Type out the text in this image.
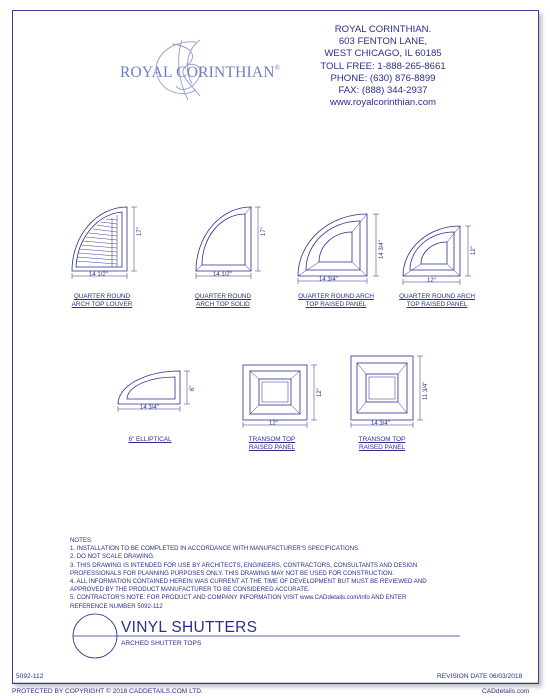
ROYAL CORINTHIAN®
ROYAL CORINTHIAN.
603 FENTON LANE,
WEST CHICAGO, IL 60185
TOLL FREE: 1-888-265-8661
PHONE: (630) 876-8899
FAX: (888) 344-2937
www.royalcorinthian.com
14 1/2"
17"
14 1/2"
17"
14 3/4"
14 3/4"
12"
12"
14 3/4"
6"
12"
12"
14 3/4"
11 3/4"
QUARTER ROUND
ARCH TOP LOUVER
QUARTER ROUND
ARCH TOP SOLID
QUARTER ROUND ARCH
TOP RAISED PANEL
QUARTER ROUND ARCH
TOP RAISED PANEL
6" ELLIPTICAL	TRANSOM TOP
RAISED PANEL
TRANSOM TOP
RAISED PANEL
NOTES:
1. INSTALLATION TO BE COMPLETED IN ACCORDANCE WITH MANUFACTURER'S SPECIFICATIONS.
2. DO NOT SCALE DRAWING.
3. THIS DRAWING IS INTENDED FOR USE BY ARCHITECTS, ENGINEERS, CONTRACTORS, CONSULTANTS AND DESIGN
PROFESSIONALS FOR PLANNING PURPOSES ONLY. THIS DRAWING MAY NOT BE USED FOR CONSTRUCTION.
4. ALL INFORMATION CONTAINED HEREIN WAS CURRENT AT THE TIME OF DEVELOPMENT BUT MUST BE REVIEWED AND
APPROVED BY THE PRODUCT MANUFACTURER TO BE CONSIDERED ACCURATE.
5. CONTRACTOR'S NOTE: FOR PRODUCT AND COMPANY INFORMATION VISIT www.CADdetails.com/info AND ENTER
REFERENCE NUMBER 5092-112
VINYL SHUTTERS
ARCHED SHUTTER TOPS
5092-112	REVISION DATE 06/03/2018
PROTECTED BY COPYRIGHT © 2018 CADDETAILS.COM LTD.	CADdetails.com
